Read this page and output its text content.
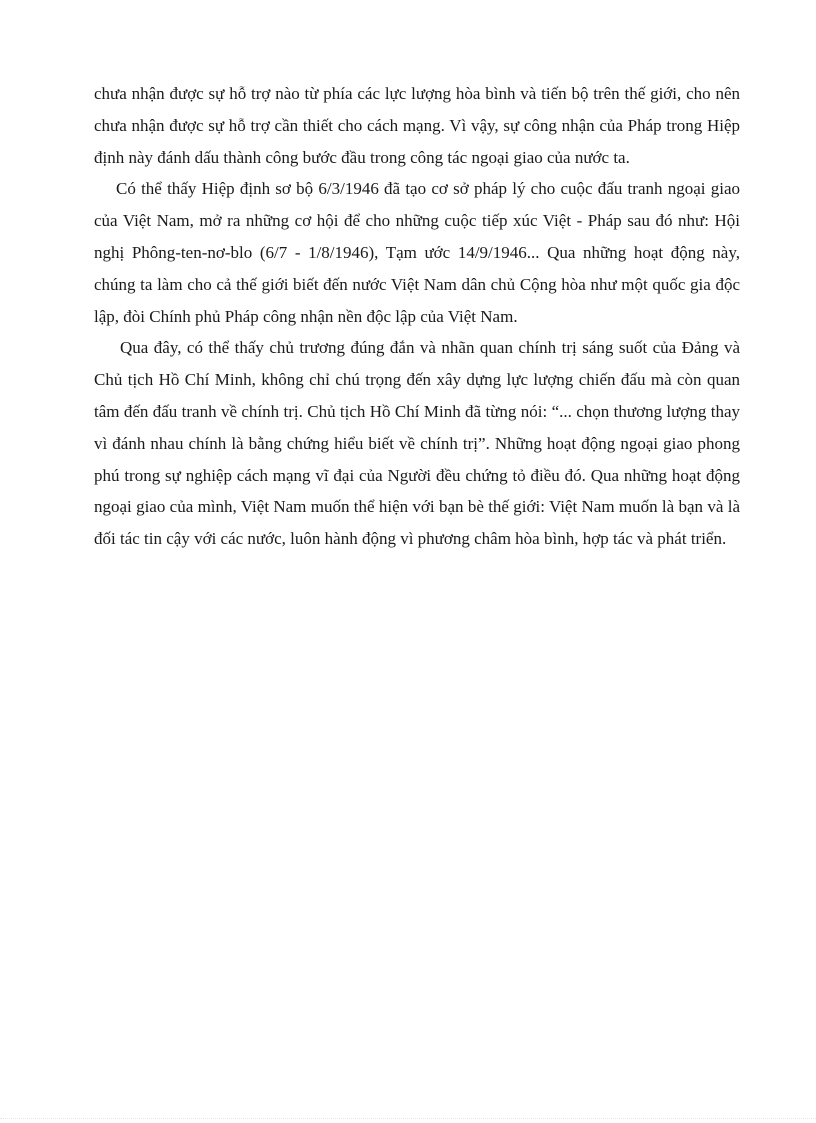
chưa nhận được sự hỗ trợ nào từ phía các lực lượng hòa bình và tiến bộ trên thế giới, cho nên chưa nhận được sự hỗ trợ cần thiết cho cách mạng. Vì vậy, sự công nhận của Pháp trong Hiệp định này đánh dấu thành công bước đầu trong công tác ngoại giao của nước ta.

Có thể thấy Hiệp định sơ bộ 6/3/1946 đã tạo cơ sở pháp lý cho cuộc đấu tranh ngoại giao của Việt Nam, mở ra những cơ hội để cho những cuộc tiếp xúc Việt - Pháp sau đó như: Hội nghị Phông-ten-nơ-blo (6/7 - 1/8/1946), Tạm ước 14/9/1946... Qua những hoạt động này, chúng ta làm cho cả thế giới biết đến nước Việt Nam dân chủ Cộng hòa như một quốc gia độc lập, đòi Chính phủ Pháp công nhận nền độc lập của Việt Nam.

Qua đây, có thể thấy chủ trương đúng đắn và nhãn quan chính trị sáng suốt của Đảng và Chủ tịch Hồ Chí Minh, không chỉ chú trọng đến xây dựng lực lượng chiến đấu mà còn quan tâm đến đấu tranh về chính trị. Chủ tịch Hồ Chí Minh đã từng nói: “... chọn thương lượng thay vì đánh nhau chính là bằng chứng hiểu biết về chính trị”. Những hoạt động ngoại giao phong phú trong sự nghiệp cách mạng vĩ đại của Người đều chứng tỏ điều đó. Qua những hoạt động ngoại giao của mình, Việt Nam muốn thể hiện với bạn bè thế giới: Việt Nam muốn là bạn và là đối tác tin cậy với các nước, luôn hành động vì phương châm hòa bình, hợp tác và phát triển.
